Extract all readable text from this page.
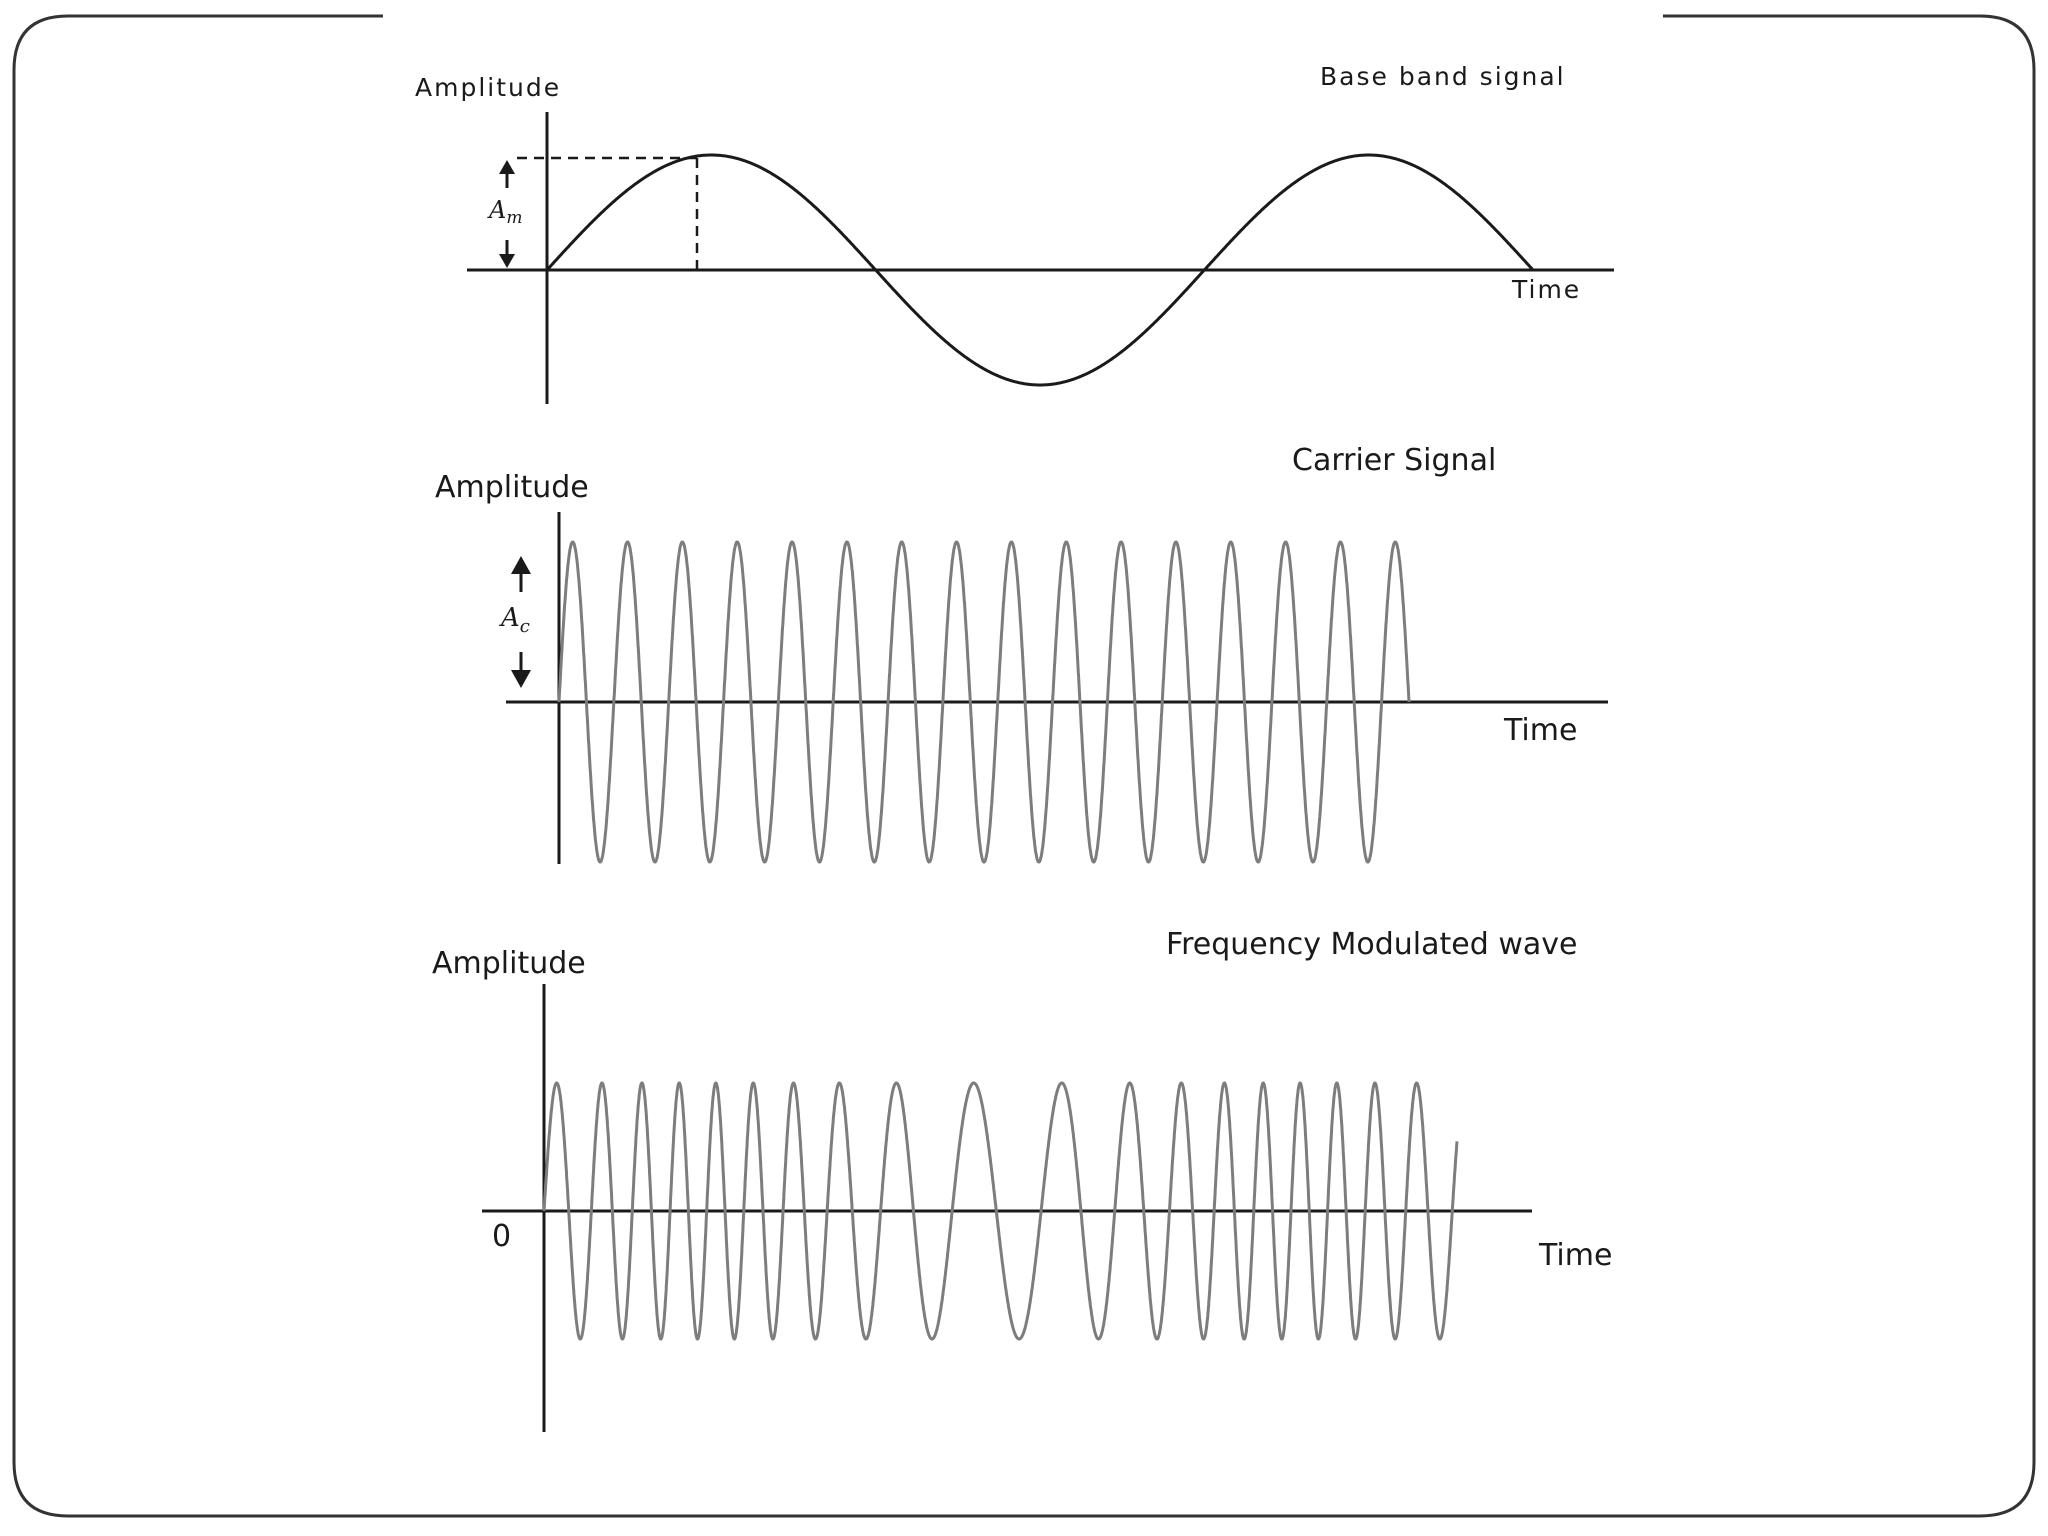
$A_m$
Amplitude	Base band signal
Time
$A_c$
Amplitude
Carrier Signal
Time
Amplitude
Frequency Modulated wave
0
Time
